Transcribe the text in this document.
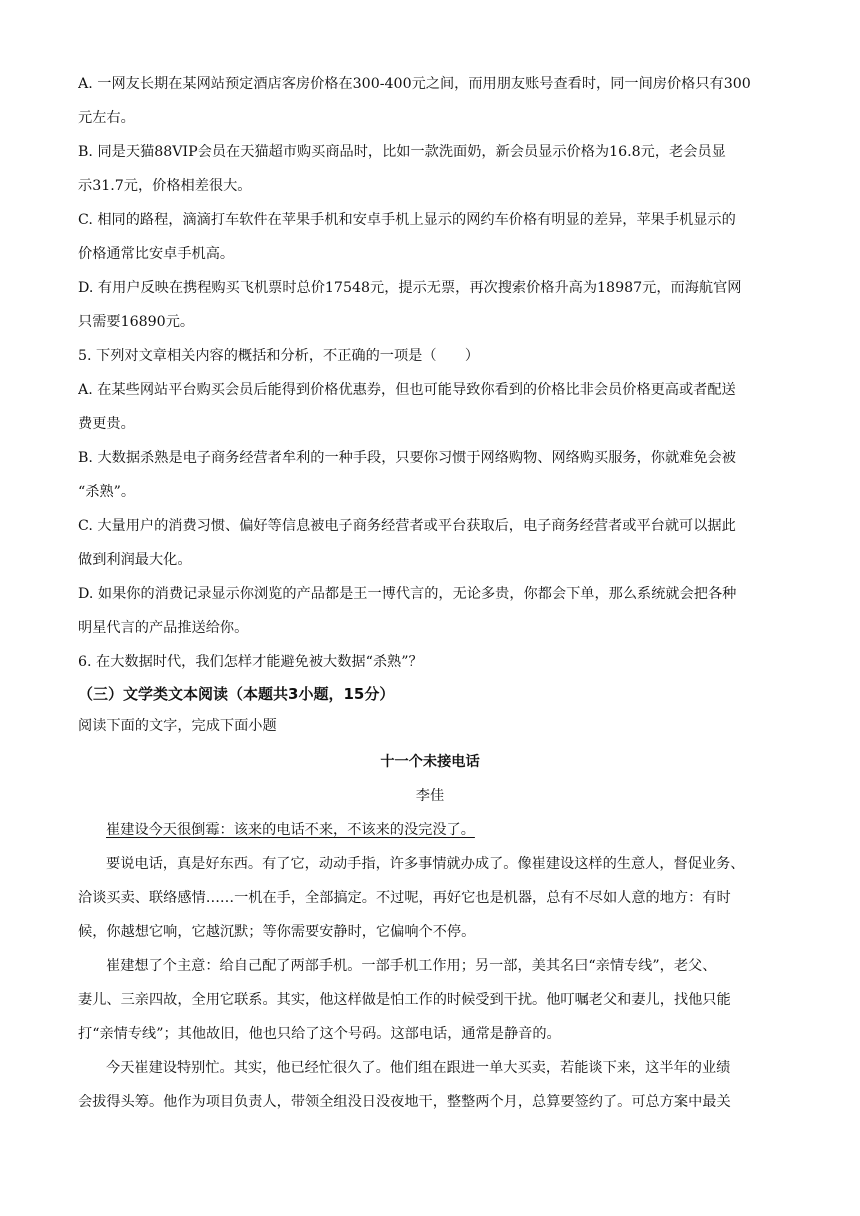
A. 一网友长期在某网站预定酒店客房价格在300-400元之间，而用朋友账号查看时，同一间房价格只有300
元左右。
B. 同是天猫88VIP会员在天猫超市购买商品时，比如一款洗面奶，新会员显示价格为16.8元，老会员显
示31.7元，价格相差很大。
C. 相同的路程，滴滴打车软件在苹果手机和安卓手机上显示的网约车价格有明显的差异，苹果手机显示的
价格通常比安卓手机高。
D. 有用户反映在携程购买飞机票时总价17548元，提示无票，再次搜索价格升高为18987元，而海航官网
只需要16890元。
5. 下列对文章相关内容的概括和分析，不正确的一项是（　　）
A. 在某些网站平台购买会员后能得到价格优惠券，但也可能导致你看到的价格比非会员价格更高或者配送
费更贵。
B. 大数据杀熟是电子商务经营者牟利的一种手段，只要你习惯于网络购物、网络购买服务，你就难免会被
“杀熟”。
C. 大量用户的消费习惯、偏好等信息被电子商务经营者或平台获取后，电子商务经营者或平台就可以据此
做到利润最大化。
D. 如果你的消费记录显示你浏览的产品都是王一博代言的，无论多贵，你都会下单，那么系统就会把各种
明星代言的产品推送给你。
6. 在大数据时代，我们怎样才能避免被大数据“杀熟”？
（三）文学类文本阅读（本题共3小题，15分）
阅读下面的文字，完成下面小题
十一个未接电话
李佳
崔建设今天很倒霉：该来的电话不来，不该来的没完没了。
要说电话，真是好东西。有了它，动动手指，许多事情就办成了。像崔建设这样的生意人，督促业务、
洽谈买卖、联络感情……一机在手，全部搞定。不过呢，再好它也是机器，总有不尽如人意的地方：有时
候，你越想它响，它越沉默；等你需要安静时，它偏响个不停。
崔建想了个主意：给自己配了两部手机。一部手机工作用；另一部，美其名曰“亲情专线”，老父、
妻儿、三亲四故，全用它联系。其实，他这样做是怕工作的时候受到干扰。他叮嘱老父和妻儿，找他只能
打“亲情专线”；其他故旧，他也只给了这个号码。这部电话，通常是静音的。
今天崔建设特别忙。其实，他已经忙很久了。他们组在跟进一单大买卖，若能谈下来，这半年的业绩
会拔得头筹。他作为项目负责人，带领全组没日没夜地干，整整两个月，总算要签约了。可总方案中最关
